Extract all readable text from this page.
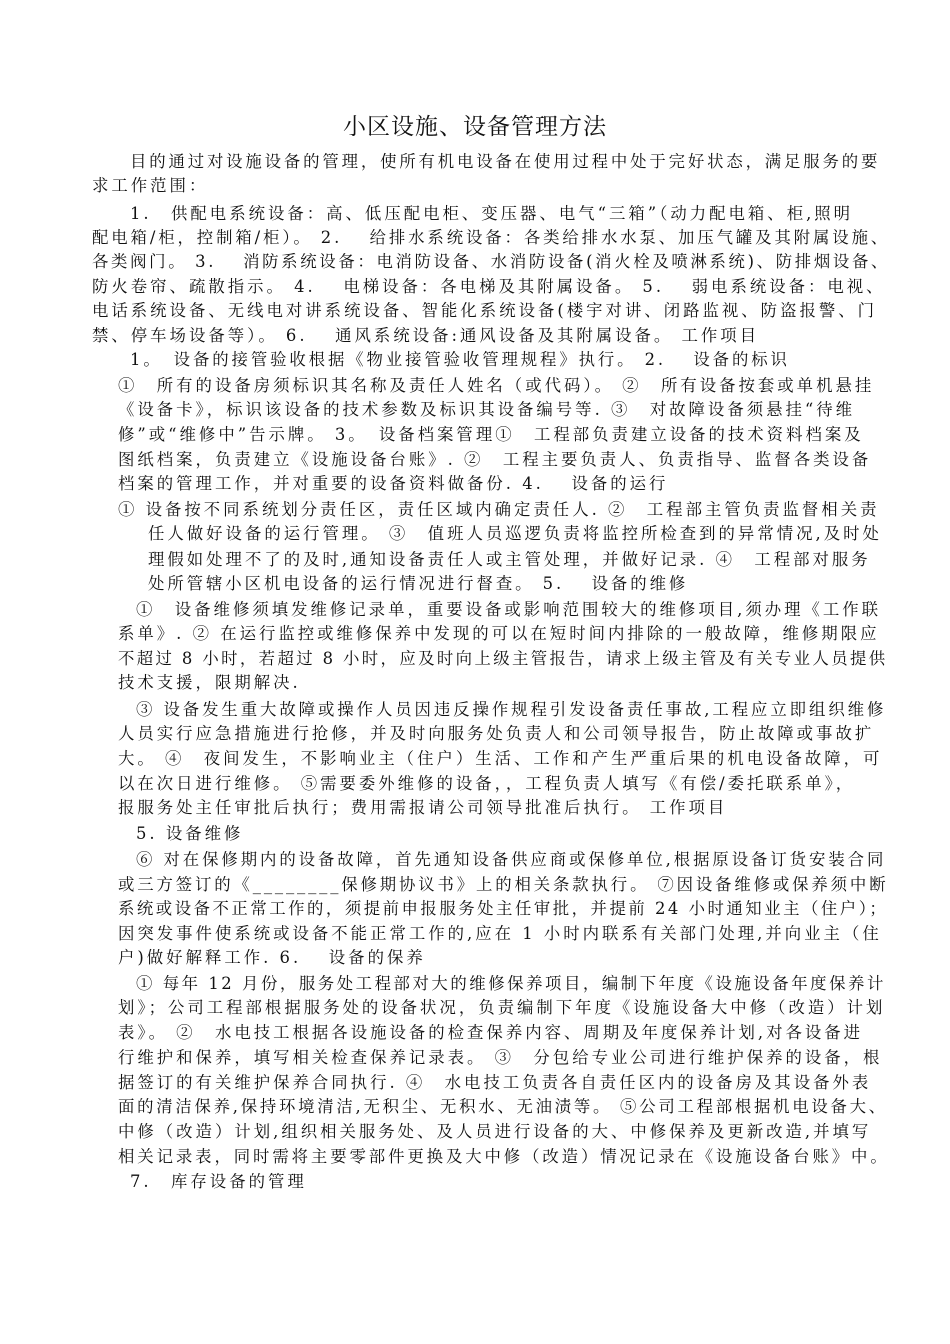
小区设施、设备管理方法
目的通过对设施设备的管理，使所有机电设备在使用过程中处于完好状态，满足服务的要
求工作范围：
1.　供配电系统设备：高、低压配电柜、变压器、电气“三箱”（动力配电箱、柜,照明
配电箱/柜，控制箱/柜）。 2.　 给排水系统设备：各类给排水水泵、加压气罐及其附属设施、
各类阀门。 3.　 消防系统设备：电消防设备、水消防设备(消火栓及喷淋系统)、防排烟设备、
防火卷帘、疏散指示。 4.　 电梯设备：各电梯及其附属设备。 5.　 弱电系统设备：电视、
电话系统设备、无线电对讲系统设备、智能化系统设备(楼宇对讲、闭路监视、防盗报警、门
禁、停车场设备等）。 6.　 通风系统设备:通风设备及其附属设备。 工作项目
1。　设备的接管验收根据《物业接管验收管理规程》执行。 2.　 设备的标识
①　所有的设备房须标识其名称及责任人姓名（或代码）。 ②　所有设备按套或单机悬挂
《设备卡》，标识该设备的技术参数及标识其设备编号等. ③　对故障设备须悬挂“待维
修”或“维修中”告示牌。 3。　设备档案管理①　工程部负责建立设备的技术资料档案及
图纸档案，负责建立《设施设备台账》. ②　工程主要负责人、负责指导、监督各类设备
档案的管理工作，并对重要的设备资料做备份. 4.　 设备的运行
① 设备按不同系统划分责任区，责任区域内确定责任人. ②　工程部主管负责监督相关责
任人做好设备的运行管理。 ③　值班人员巡逻负责将监控所检查到的异常情况,及时处
理假如处理不了的及时,通知设备责任人或主管处理，并做好记录. ④　工程部对服务
处所管辖小区机电设备的运行情况进行督查。 5.　 设备的维修
①　设备维修须填发维修记录单，重要设备或影响范围较大的维修项目,须办理《工作联
系单》. ② 在运行监控或维修保养中发现的可以在短时间内排除的一般故障，维修期限应
不超过 8 小时，若超过 8 小时，应及时向上级主管报告，请求上级主管及有关专业人员提供
技术支援，限期解决.
③ 设备发生重大故障或操作人员因违反操作规程引发设备责任事故,工程应立即组织维修
人员实行应急措施进行抢修，并及时向服务处负责人和公司领导报告，防止故障或事故扩
大。 ④　夜间发生，不影响业主（住户）生活、工作和产生严重后果的机电设备故障，可
以在次日进行维修。 ⑤需要委外维修的设备，，工程负责人填写《有偿/委托联系单》，
报服务处主任审批后执行；费用需报请公司领导批准后执行。 工作项目
5. 设备维修
⑥ 对在保修期内的设备故障，首先通知设备供应商或保修单位,根据原设备订货安装合同
或三方签订的《________保修期协议书》上的相关条款执行。 ⑦因设备维修或保养须中断
系统或设备不正常工作的，须提前申报服务处主任审批，并提前 24 小时通知业主（住户）；
因突发事件使系统或设备不能正常工作的,应在 1 小时内联系有关部门处理,并向业主（住
户)做好解释工作. 6.　 设备的保养
① 每年 12 月份，服务处工程部对大的维修保养项目，编制下年度《设施设备年度保养计
划》；公司工程部根据服务处的设备状况，负责编制下年度《设施设备大中修（改造）计划
表》。 ②　水电技工根据各设施设备的检查保养内容、周期及年度保养计划,对各设备进
行维护和保养，填写相关检查保养记录表。 ③　分包给专业公司进行维护保养的设备，根
据签订的有关维护保养合同执行. ④　水电技工负责各自责任区内的设备房及其设备外表
面的清洁保养,保持环境清洁,无积尘、无积水、无油渍等。 ⑤公司工程部根据机电设备大、
中修（改造）计划,组织相关服务处、及人员进行设备的大、中修保养及更新改造,并填写
相关记录表，同时需将主要零部件更换及大中修（改造）情况记录在《设施设备台账》中。
7.　库存设备的管理
